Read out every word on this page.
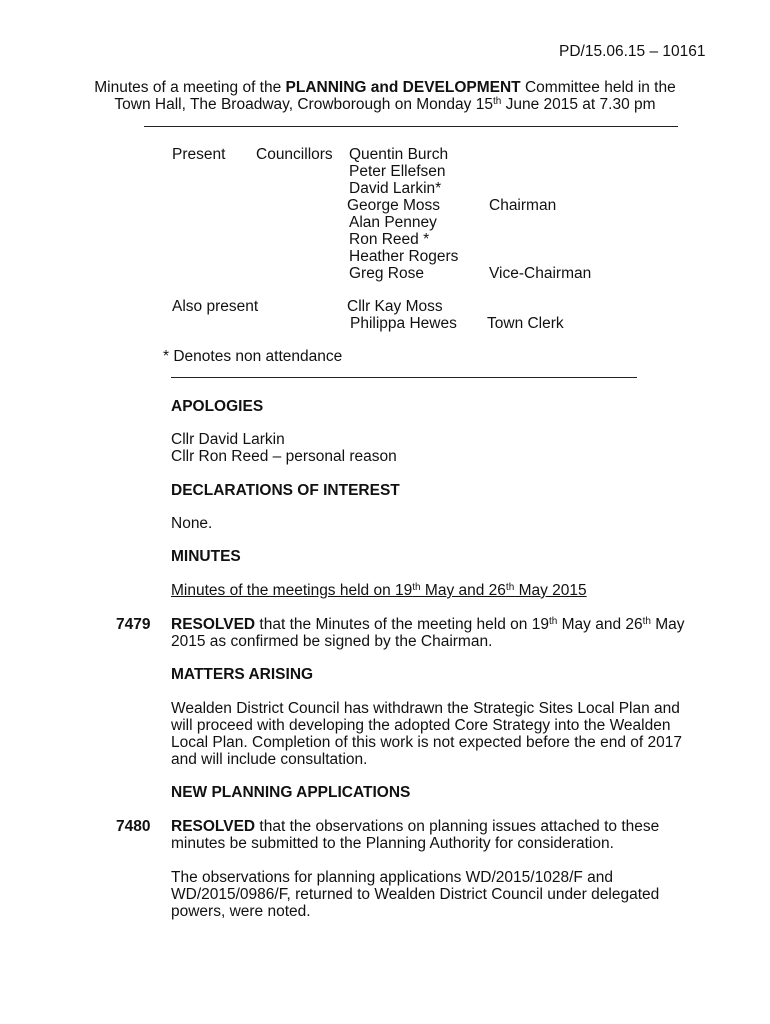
PD/15.06.15 – 10161
Minutes of a meeting of the PLANNING and DEVELOPMENT Committee held in the
Town Hall, The Broadway, Crowborough on Monday 15th June 2015 at 7.30 pm
Present Councillors Quentin Burch
Peter Ellefsen
David Larkin*
George Moss	Chairman
Alan Penney
Ron Reed *
Heather Rogers
Greg Rose	Vice-Chairman
Also present	Cllr Kay Moss
Philippa Hewes Town Clerk
* Denotes non attendance
APOLOGIES
Cllr David Larkin
Cllr Ron Reed – personal reason
DECLARATIONS OF INTEREST
None.
MINUTES
Minutes of the meetings held on 19th May and 26th May 2015
7479 RESOLVED that the Minutes of the meeting held on 19th May and 26th May
2015 as confirmed be signed by the Chairman.
MATTERS ARISING
Wealden District Council has withdrawn the Strategic Sites Local Plan and
will proceed with developing the adopted Core Strategy into the Wealden
Local Plan. Completion of this work is not expected before the end of 2017
and will include consultation.
NEW PLANNING APPLICATIONS
7480 RESOLVED that the observations on planning issues attached to these
minutes be submitted to the Planning Authority for consideration.
The observations for planning applications WD/2015/1028/F and
WD/2015/0986/F, returned to Wealden District Council under delegated
powers, were noted.
